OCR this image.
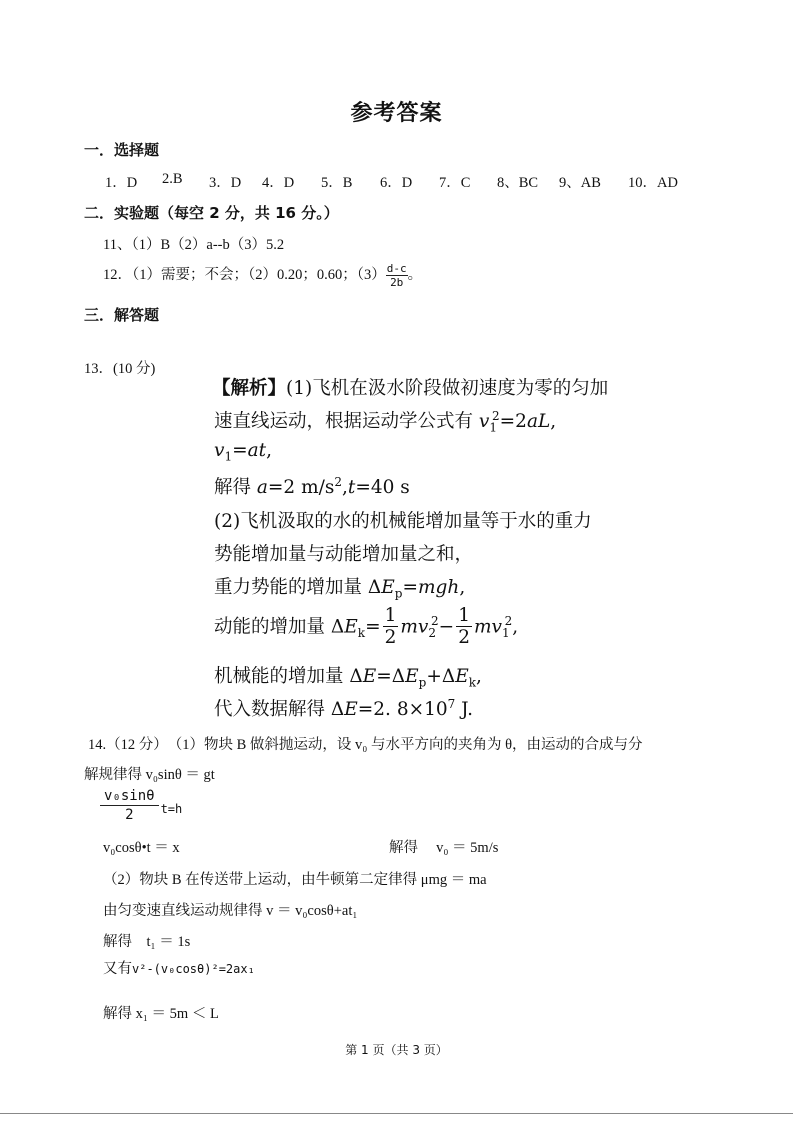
参考答案
一．选择题
1．D 2.B 3．D 4．D 5．B 6．D 7．C 8、BC 9、AB 10．AD
二．实验题（每空 2 分，共 16 分。）
11、（1）B（2）a--b（3）5.2
12．（1）需要；不会；（2）0.20；0.60；$(3) \frac{d-c}{2b}$ 。
三．解答题
13．(10 分)
【解析】(1)飞机在汲水阶段做初速度为零的匀加
速直线运动，根据运动学公式有 $v_1^2=2aL$,
$v_1=at$,
解得 a=2 $m/s^2,t=40$ s
(2)飞机汲取的水的机械能增加量等于水的重力
势能增加量与动能增加量之和，
重力势能的增加量 $\Delta E_p=mgh$,
动能的增加量 $\Delta E_k= \frac{1}{2} mv_2^2- \frac{1}{2} mv_1^2$,
机械能的增加量 $\Delta E=\Delta E_p+\Delta E_k$,
代入数据解得 ΔE=2. $8\times 10^7$ J.
14.（12 分）　（1）物块 B 做斜抛运动，设 v₀ 与水平方向的夹角为 θ，由运动的合成与分
解规律得 v₀sinθ ＝ gt
$\frac{\text{v₀sinθ}}{2} t=h$
v₀cosθ•t ＝ x	解得　 v₀ ＝ 5m/s
（2）物块 B 在传送带上运动，由牛顿第二定律得 μmg ＝ ma
由匀变速直线运动规律得 v ＝ v₀cosθ+at₁
解得　t₁ ＝ 1s
又有v²-(v₀cosθ)²=2ax₁
解得 x₁ ＝ 5m ＜ L
第 1 页（共 3 页）
